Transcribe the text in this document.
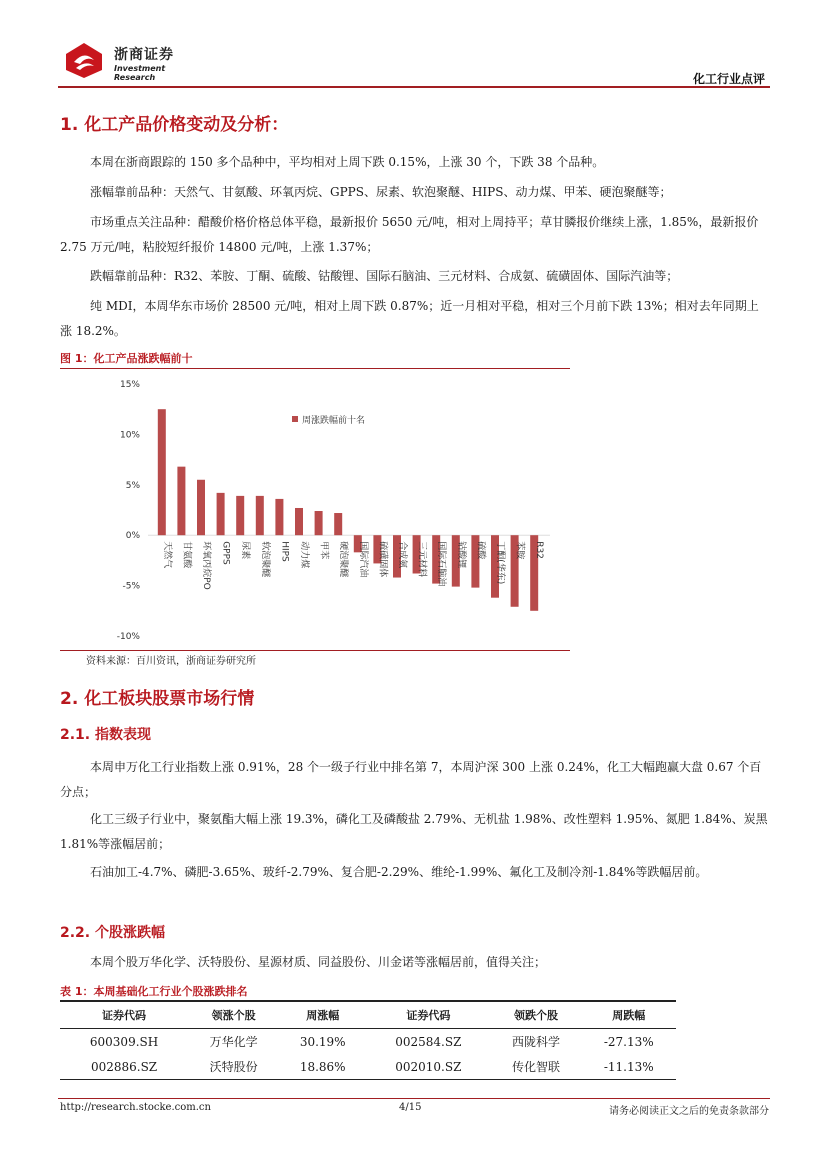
浙商证券
Investment Research	化工行业点评
1. 化工产品价格变动及分析：
本周在浙商跟踪的 150 多个品种中，平均相对上周下跌 0.15%，上涨 30 个，下跌 38 个品种。
涨幅靠前品种：天然气、甘氨酸、环氧丙烷、GPPS、尿素、软泡聚醚、HIPS、动力煤、甲苯、硬泡聚醚等；
市场重点关注品种：醋酸价格价格总体平稳，最新报价 5650 元/吨，相对上周持平；草甘膦报价继续上涨，1.85%，最新报价 2.75 万元/吨，粘胶短纤报价 14800 元/吨，上涨 1.37%；
跌幅靠前品种：R32、苯胺、丁酮、硫酸、钴酸锂、国际石脑油、三元材料、合成氨、硫磺固体、国际汽油等；
纯 MDI，本周华东市场价 28500 元/吨，相对上周下跌 0.87%；近一月相对平稳，相对三个月前下跌 13%；相对去年同期上涨 18.2%。
图 1：化工产品涨跌幅前十
15%
10%
5%
0%
-5%
-10%
天然气 甘氨酸 环氧丙烷PO GPPS 尿素 软泡聚醚 HIPS 动力煤 甲苯 硬泡聚醚 国际汽油 硫磺固体 合成氨 三元材料 国际石脑油 钴酸锂 硫酸 丁酮(华东) 苯胺 R32
周涨跌幅前十名
资料来源：百川资讯，浙商证券研究所
2. 化工板块股票市场行情
2.1. 指数表现
本周申万化工行业指数上涨 0.91%，28 个一级子行业中排名第 7，本周沪深 300 上涨 0.24%，化工大幅跑赢大盘 0.67 个百分点；
化工三级子行业中，聚氨酯大幅上涨 19.3%，磷化工及磷酸盐 2.79%、无机盐 1.98%、改性塑料 1.95%、氮肥 1.84%、炭黑 1.81%等涨幅居前；
石油加工-4.7%、磷肥-3.65%、玻纤-2.79%、复合肥-2.29%、维纶-1.99%、氟化工及制冷剂-1.84%等跌幅居前。
2.2. 个股涨跌幅
本周个股万华化学、沃特股份、星源材质、同益股份、川金诺等涨幅居前，值得关注；
表 1：本周基础化工行业个股涨跌排名
证券代码	领涨个股	周涨幅	证券代码	领跌个股	周跌幅
600309.SH	万华化学	30.19%	002584.SZ	西陇科学	-27.13%
002886.SZ	沃特股份	18.86%	002010.SZ	传化智联	-11.13%
http://research.stocke.com.cn	4/15	请务必阅读正文之后的免责条款部分
